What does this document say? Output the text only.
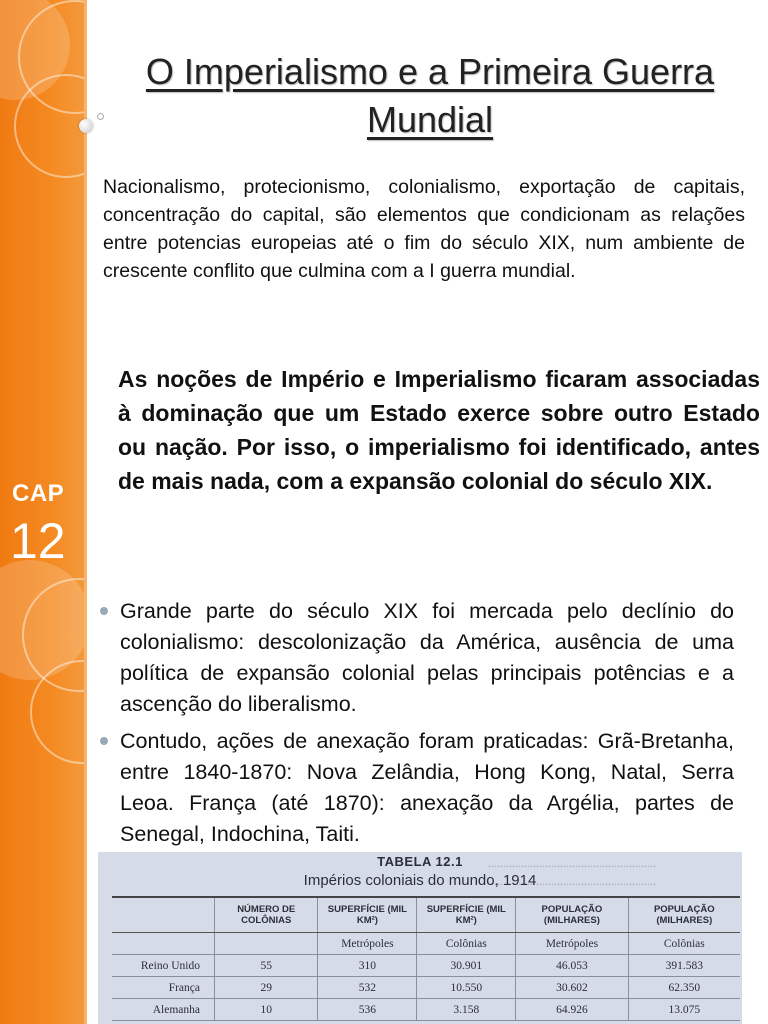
CAP
12
O Imperialismo e a Primeira Guerra Mundial
Nacionalismo, protecionismo, colonialismo, exportação de capitais, concentração do capital, são elementos que condicionam as relações entre potencias europeias até o fim do século XIX, num ambiente de crescente conflito que culmina com a I guerra mundial.
As noções de Império e Imperialismo ficaram associadas à dominação que um Estado exerce sobre outro Estado ou nação. Por isso, o imperialismo foi identificado, antes de mais nada, com a expansão colonial do século XIX.
Grande parte do século XIX foi mercada pelo declínio do colonialismo: descolonização da América, ausência de uma política de expansão colonial pelas principais potências e a ascenção do liberalismo.
Contudo, ações de anexação foram praticadas: Grã-Bretanha, entre 1840-1870: Nova Zelândia, Hong Kong, Natal, Serra Leoa. França (até 1870): anexação da Argélia, partes de Senegal, Indochina, Taiti.
........................................................
........................................................
TABELA 12.1
Impérios coloniais do mundo, 1914
	NÚMERO DE COLÔNIAS	SUPERFÍCIE (MIL KM²)	SUPERFÍCIE (MIL KM²)	POPULAÇÃO (MILHARES)	POPULAÇÃO (MILHARES)
		Metrópoles	Colônias	Metrópoles	Colônias
Reino Unido	55	310	30.901	46.053	391.583
França	29	532	10.550	30.602	62.350
Alemanha	10	536	3.158	64.926	13.075
